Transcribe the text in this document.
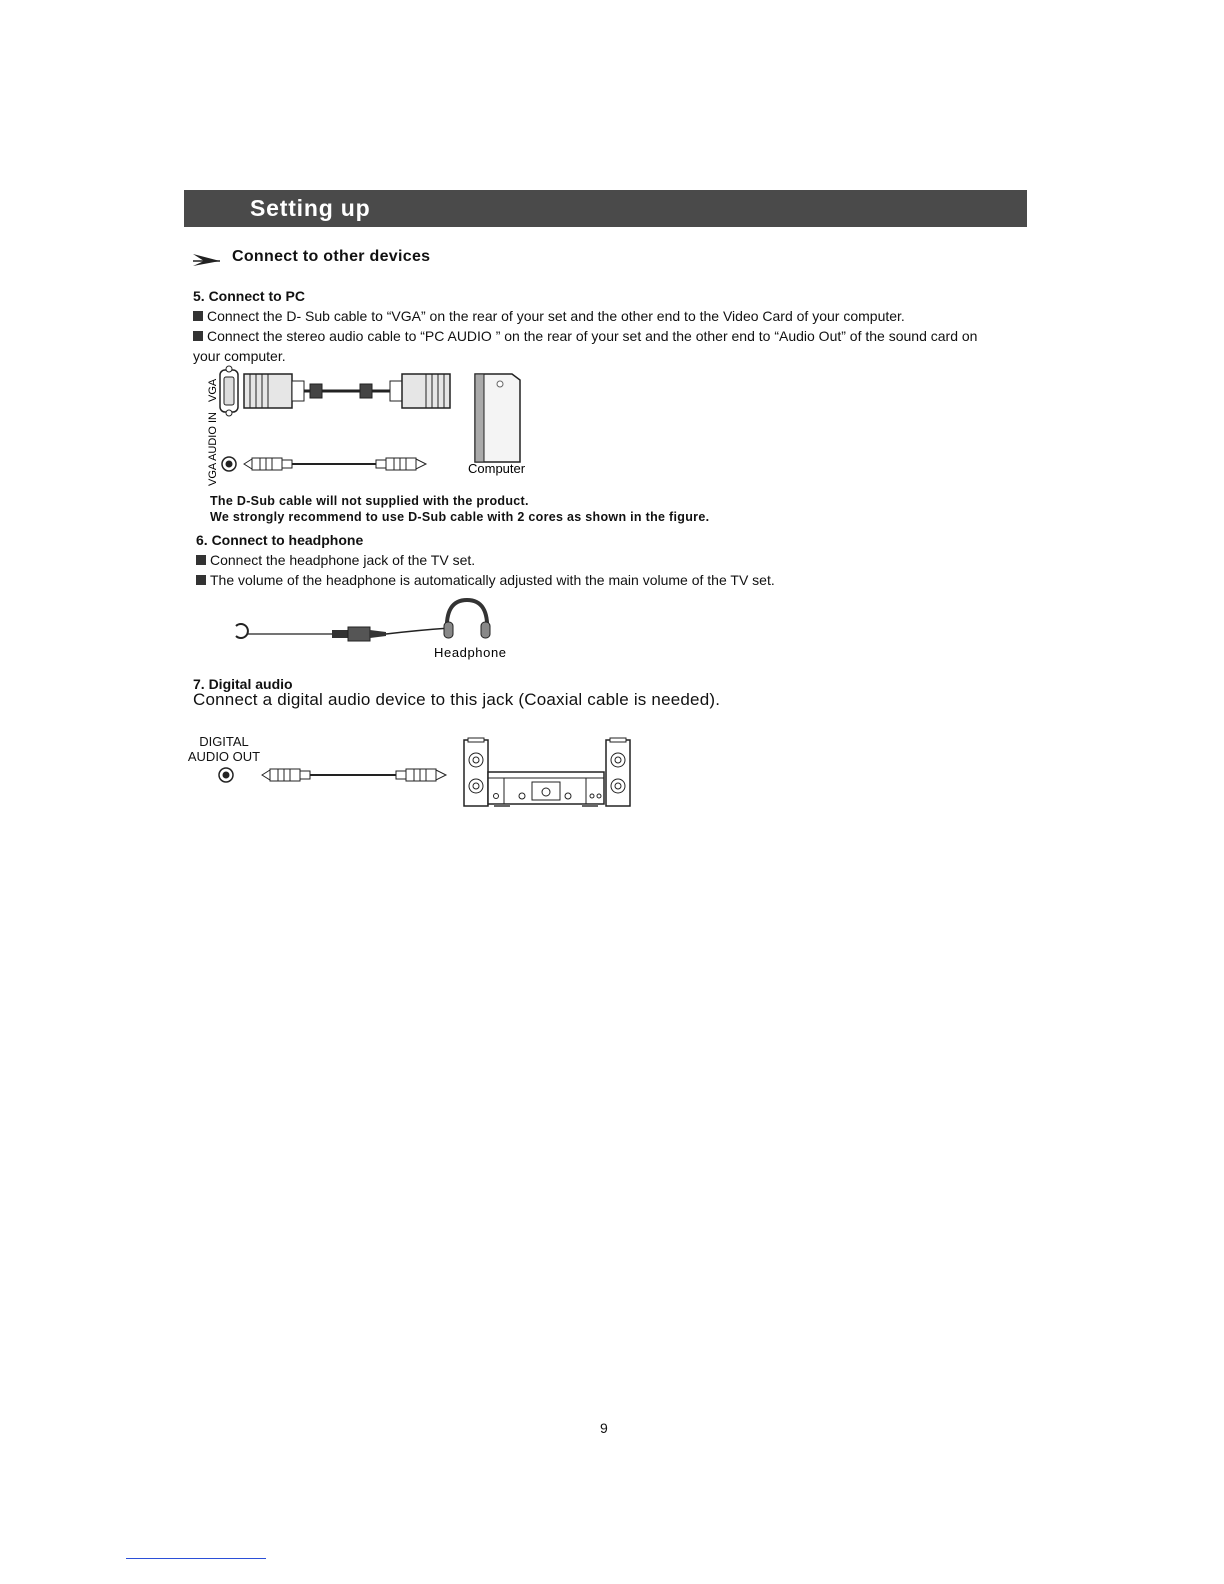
Setting up
Connect to other devices
5. Connect to PC
Connect the D- Sub cable to “VGA” on the rear of your set and the other end to the Video Card of your computer.
Connect the stereo audio cable to “PC AUDIO ” on the rear of your set and the other end to “Audio Out” of the sound card on
your computer.
VGA
VGA AUDIO IN	Computer
The D-Sub cable will not supplied with the product.
We strongly recommend to use D-Sub cable with 2 cores as shown in the figure.
6. Connect to headphone
Connect the headphone jack of the TV set.
The volume of the headphone is automatically adjusted with the main volume of the TV set.
Headphone
7. Digital audio
Connect a digital audio device to this jack (Coaxial cable is needed).
DIGITAL
AUDIO OUT
9
